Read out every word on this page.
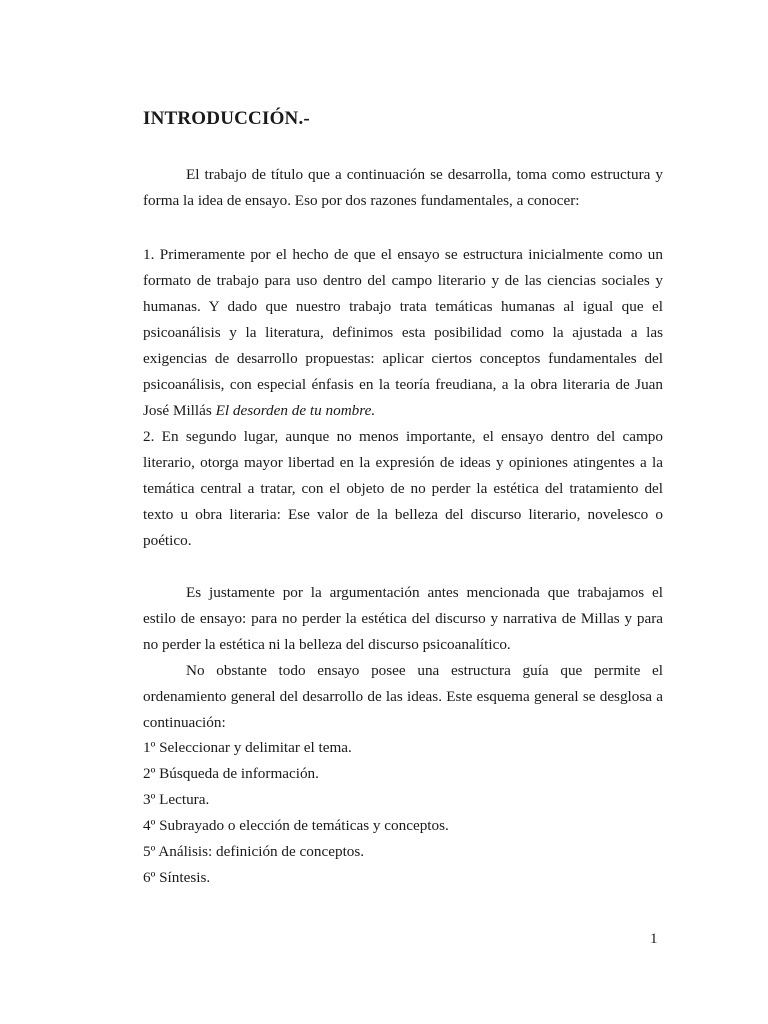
INTRODUCCIÓN.-
El trabajo de título que a continuación se desarrolla, toma como estructura y forma la idea de ensayo. Eso por dos razones fundamentales, a conocer:
1. Primeramente por el hecho de que el ensayo se estructura inicialmente como un formato de trabajo para uso dentro del campo literario y de las ciencias sociales y humanas. Y dado que nuestro trabajo trata temáticas humanas al igual que el psicoanálisis y la literatura, definimos esta posibilidad como la ajustada a las exigencias de desarrollo propuestas: aplicar ciertos conceptos fundamentales del psicoanálisis, con especial énfasis en la teoría freudiana, a la obra literaria de Juan José Millás El desorden de tu nombre.
2. En segundo lugar, aunque no menos importante, el ensayo dentro del campo literario, otorga mayor libertad en la expresión de ideas y opiniones atingentes a la temática central a tratar, con el objeto de no perder la estética del tratamiento del texto u obra literaria: Ese valor de la belleza del discurso literario, novelesco o poético.
Es justamente por la argumentación antes mencionada que trabajamos el estilo de ensayo: para no perder la estética del discurso y narrativa de Millas y para no perder la estética ni la belleza del discurso psicoanalítico.
No obstante todo ensayo posee una estructura guía que permite el ordenamiento general del desarrollo de las ideas. Este esquema general se desglosa a continuación:
1º Seleccionar y delimitar el tema.
2º Búsqueda de información.
3º Lectura.
4º Subrayado o elección de temáticas y conceptos.
5º Análisis: definición de conceptos.
6º Síntesis.
1
